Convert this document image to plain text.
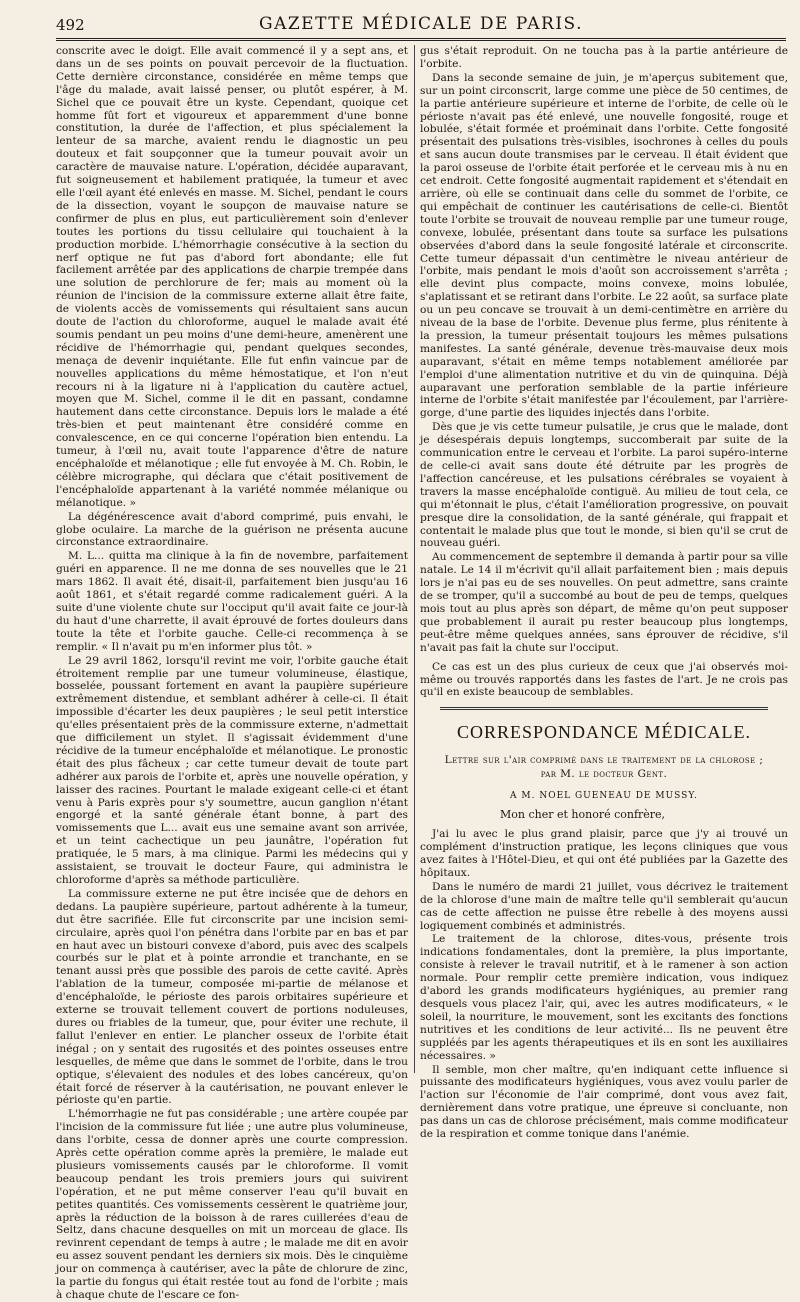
492	GAZETTE MÉDICALE DE PARIS.

conscrite avec le doigt. Elle avait commencé il y a sept ans, et dans un de ses points on pouvait percevoir de la fluctuation. Cette dernière circonstance, considérée en même temps que l'âge du malade, avait laissé penser, ou plutôt espérer, à M. Sichel que ce pouvait être un kyste. Cependant, quoique cet homme fût fort et vigoureux et apparemment d'une bonne constitution, la durée de l'affection, et plus spécialement la lenteur de sa marche, avaient rendu le diagnostic un peu douteux et fait soupçonner que la tumeur pouvait avoir un caractère de mauvaise nature. L'opération, décidée auparavant, fut soigneusement et habilement pratiquée, la tumeur et avec elle l'œil ayant été enlevés en masse. M. Sichel, pendant le cours de la dissection, voyant le soupçon de mauvaise nature se confirmer de plus en plus, eut particulièrement soin d'enlever toutes les portions du tissu cellulaire qui touchaient à la production morbide. L'hémorrhagie consécutive à la section du nerf optique ne fut pas d'abord fort abondante; elle fut facilement arrêtée par des applications de charpie trempée dans une solution de perchlorure de fer; mais au moment où la réunion de l'incision de la commissure externe allait être faite, de violents accès de vomissements qui résultaient sans aucun doute de l'action du chloroforme, auquel le malade avait été soumis pendant un peu moins d'une demi-heure, amenèrent une récidive de l'hémorrhagie qui, pendant quelques secondes, menaça de devenir inquiétante. Elle fut enfin vaincue par de nouvelles applications du même hémostatique, et l'on n'eut recours ni à la ligature ni à l'application du cautère actuel, moyen que M. Sichel, comme il le dit en passant, condamne hautement dans cette circonstance. Depuis lors le malade a été très-bien et peut maintenant être considéré comme en convalescence, en ce qui concerne l'opération bien entendu. La tumeur, à l'œil nu, avait toute l'apparence d'être de nature encéphaloïde et mélanotique ; elle fut envoyée à M. Ch. Robin, le célèbre micrographe, qui déclara que c'était positivement de l'encéphaloïde appartenant à la variété nommée mélanique ou mélanotique. »

La dégénérescence avait d'abord comprimé, puis envahi, le globe oculaire. La marche de la guérison ne présenta aucune circonstance extraordinaire.

M. L... quitta ma clinique à la fin de novembre, parfaitement guéri en apparence. Il ne me donna de ses nouvelles que le 21 mars 1862. Il avait été, disait-il, parfaitement bien jusqu'au 16 août 1861, et s'était regardé comme radicalement guéri. A la suite d'une violente chute sur l'occiput qu'il avait faite ce jour-là du haut d'une charrette, il avait éprouvé de fortes douleurs dans toute la tête et l'orbite gauche. Celle-ci recommença à se remplir. « Il n'avait pu m'en informer plus tôt. »

Le 29 avril 1862, lorsqu'il revint me voir, l'orbite gauche était étroitement remplie par une tumeur volumineuse, élastique, bosselée, poussant fortement en avant la paupière supérieure extrêmement distendue, et semblant adhérer à celle-ci. Il était impossible d'écarter les deux paupières ; le seul petit interstice qu'elles présentaient près de la commissure externe, n'admettait que difficilement un stylet. Il s'agissait évidemment d'une récidive de la tumeur encéphaloïde et mélanotique. Le pronostic était des plus fâcheux ; car cette tumeur devait de toute part adhérer aux parois de l'orbite et, après une nouvelle opération, y laisser des racines. Pourtant le malade exigeant celle-ci et étant venu à Paris exprès pour s'y soumettre, aucun ganglion n'étant engorgé et la santé générale étant bonne, à part des vomissements que L... avait eus une semaine avant son arrivée, et un teint cachectique un peu jaunâtre, l'opération fut pratiquée, le 5 mars, à ma clinique. Parmi les médecins qui y assistaient, se trouvait le docteur Faure, qui administra le chloroforme d'après sa méthode particulière.

La commissure externe ne put être incisée que de dehors en dedans. La paupière supérieure, partout adhérente à la tumeur, dut être sacrifiée. Elle fut circonscrite par une incision semi-circulaire, après quoi l'on pénétra dans l'orbite par en bas et par en haut avec un bistouri convexe d'abord, puis avec des scalpels courbés sur le plat et à pointe arrondie et tranchante, en se tenant aussi près que possible des parois de cette cavité. Après l'ablation de la tumeur, composée mi-partie de mélanose et d'encéphaloïde, le périoste des parois orbitaires supérieure et externe se trouvait tellement couvert de portions noduleuses, dures ou friables de la tumeur, que, pour éviter une rechute, il fallut l'enlever en entier. Le plancher osseux de l'orbite était inégal ; on y sentait des rugosités et des pointes osseuses entre lesquelles, de même que dans le sommet de l'orbite, dans le trou optique, s'élevaient des nodules et des lobes cancéreux, qu'on était forcé de réserver à la cautérisation, ne pouvant enlever le périoste qu'en partie.

L'hémorrhagie ne fut pas considérable ; une artère coupée par l'incision de la commissure fut liée ; une autre plus volumineuse, dans l'orbite, cessa de donner après une courte compression. Après cette opération comme après la première, le malade eut plusieurs vomissements causés par le chloroforme. Il vomit beaucoup pendant les trois premiers jours qui suivirent l'opération, et ne put même conserver l'eau qu'il buvait en petites quantités. Ces vomissements cessèrent le quatrième jour, après la réduction de la boisson à de rares cuillerées d'eau de Seltz, dans chacune desquelles on mit un morceau de glace. Ils revinrent cependant de temps à autre ; le malade me dit en avoir eu assez souvent pendant les derniers six mois. Dès le cinquième jour on commença à cautériser, avec la pâte de chlorure de zinc, la partie du fongus qui était restée tout au fond de l'orbite ; mais à chaque chute de l'escare ce fon-

gus s'était reproduit. On ne toucha pas à la partie antérieure de l'orbite.

Dans la seconde semaine de juin, je m'aperçus subitement que, sur un point circonscrit, large comme une pièce de 50 centimes, de la partie antérieure supérieure et interne de l'orbite, de celle où le périoste n'avait pas été enlevé, une nouvelle fongosité, rouge et lobulée, s'était formée et proéminait dans l'orbite. Cette fongosité présentait des pulsations très-visibles, isochrones à celles du pouls et sans aucun doute transmises par le cerveau. Il était évident que la paroi osseuse de l'orbite était perforée et le cerveau mis à nu en cet endroit. Cette fongosité augmentait rapidement et s'étendait en arrière, où elle se continuait dans celle du sommet de l'orbite, ce qui empêchait de continuer les cautérisations de celle-ci. Bientôt toute l'orbite se trouvait de nouveau remplie par une tumeur rouge, convexe, lobulée, présentant dans toute sa surface les pulsations observées d'abord dans la seule fongosité latérale et circonscrite. Cette tumeur dépassait d'un centimètre le niveau antérieur de l'orbite, mais pendant le mois d'août son accroissement s'arrêta ; elle devint plus compacte, moins convexe, moins lobulée, s'aplatissant et se retirant dans l'orbite. Le 22 août, sa surface plate ou un peu concave se trouvait à un demi-centimètre en arrière du niveau de la base de l'orbite. Devenue plus ferme, plus rénitente à la pression, la tumeur présentait toujours les mêmes pulsations manifestes. La santé générale, devenue très-mauvaise deux mois auparavant, s'était en même temps notablement améliorée par l'emploi d'une alimentation nutritive et du vin de quinquina. Déjà auparavant une perforation semblable de la partie inférieure interne de l'orbite s'était manifestée par l'écoulement, par l'arrière-gorge, d'une partie des liquides injectés dans l'orbite.

Dès que je vis cette tumeur pulsatile, je crus que le malade, dont je désespérais depuis longtemps, succomberait par suite de la communication entre le cerveau et l'orbite. La paroi supéro-interne de celle-ci avait sans doute été détruite par les progrès de l'affection cancéreuse, et les pulsations cérébrales se voyaient à travers la masse encéphaloïde contiguë. Au milieu de tout cela, ce qui m'étonnait le plus, c'était l'amélioration progressive, on pouvait presque dire la consolidation, de la santé générale, qui frappait et contentait le malade plus que tout le monde, si bien qu'il se crut de nouveau guéri.

Au commencement de septembre il demanda à partir pour sa ville natale. Le 14 il m'écrivit qu'il allait parfaitement bien ; mais depuis lors je n'ai pas eu de ses nouvelles. On peut admettre, sans crainte de se tromper, qu'il a succombé au bout de peu de temps, quelques mois tout au plus après son départ, de même qu'on peut supposer que probablement il aurait pu rester beaucoup plus longtemps, peut-être même quelques années, sans éprouver de récidive, s'il n'avait pas fait la chute sur l'occiput.

Ce cas est un des plus curieux de ceux que j'ai observés moi-même ou trouvés rapportés dans les fastes de l'art. Je ne crois pas qu'il en existe beaucoup de semblables.

CORRESPONDANCE MÉDICALE.
Lettre sur l'air comprimé dans le traitement de la chlorose ;
par M. le docteur Gent.
A M. NOEL GUENEAU DE MUSSY.

Mon cher et honoré confrère,

J'ai lu avec le plus grand plaisir, parce que j'y ai trouvé un complément d'instruction pratique, les leçons cliniques que vous avez faites à l'Hôtel-Dieu, et qui ont été publiées par la Gazette des hôpitaux.

Dans le numéro de mardi 21 juillet, vous décrivez le traitement de la chlorose d'une main de maître telle qu'il semblerait qu'aucun cas de cette affection ne puisse être rebelle à des moyens aussi logiquement combinés et administrés.

Le traitement de la chlorose, dites-vous, présente trois indications fondamentales, dont la première, la plus importante, consiste à relever le travail nutritif, et à le ramener à son action normale. Pour remplir cette première indication, vous indiquez d'abord les grands modificateurs hygiéniques, au premier rang desquels vous placez l'air, qui, avec les autres modificateurs, « le soleil, la nourriture, le mouvement, sont les excitants des fonctions nutritives et les conditions de leur activité... Ils ne peuvent être suppléés par les agents thérapeutiques et ils en sont les auxiliaires nécessaires. »

Il semble, mon cher maître, qu'en indiquant cette influence si puissante des modificateurs hygiéniques, vous avez voulu parler de l'action sur l'économie de l'air comprimé, dont vous avez fait, dernièrement dans votre pratique, une épreuve si concluante, non pas dans un cas de chlorose précisément, mais comme modificateur de la respiration et comme tonique dans l'anémie.
